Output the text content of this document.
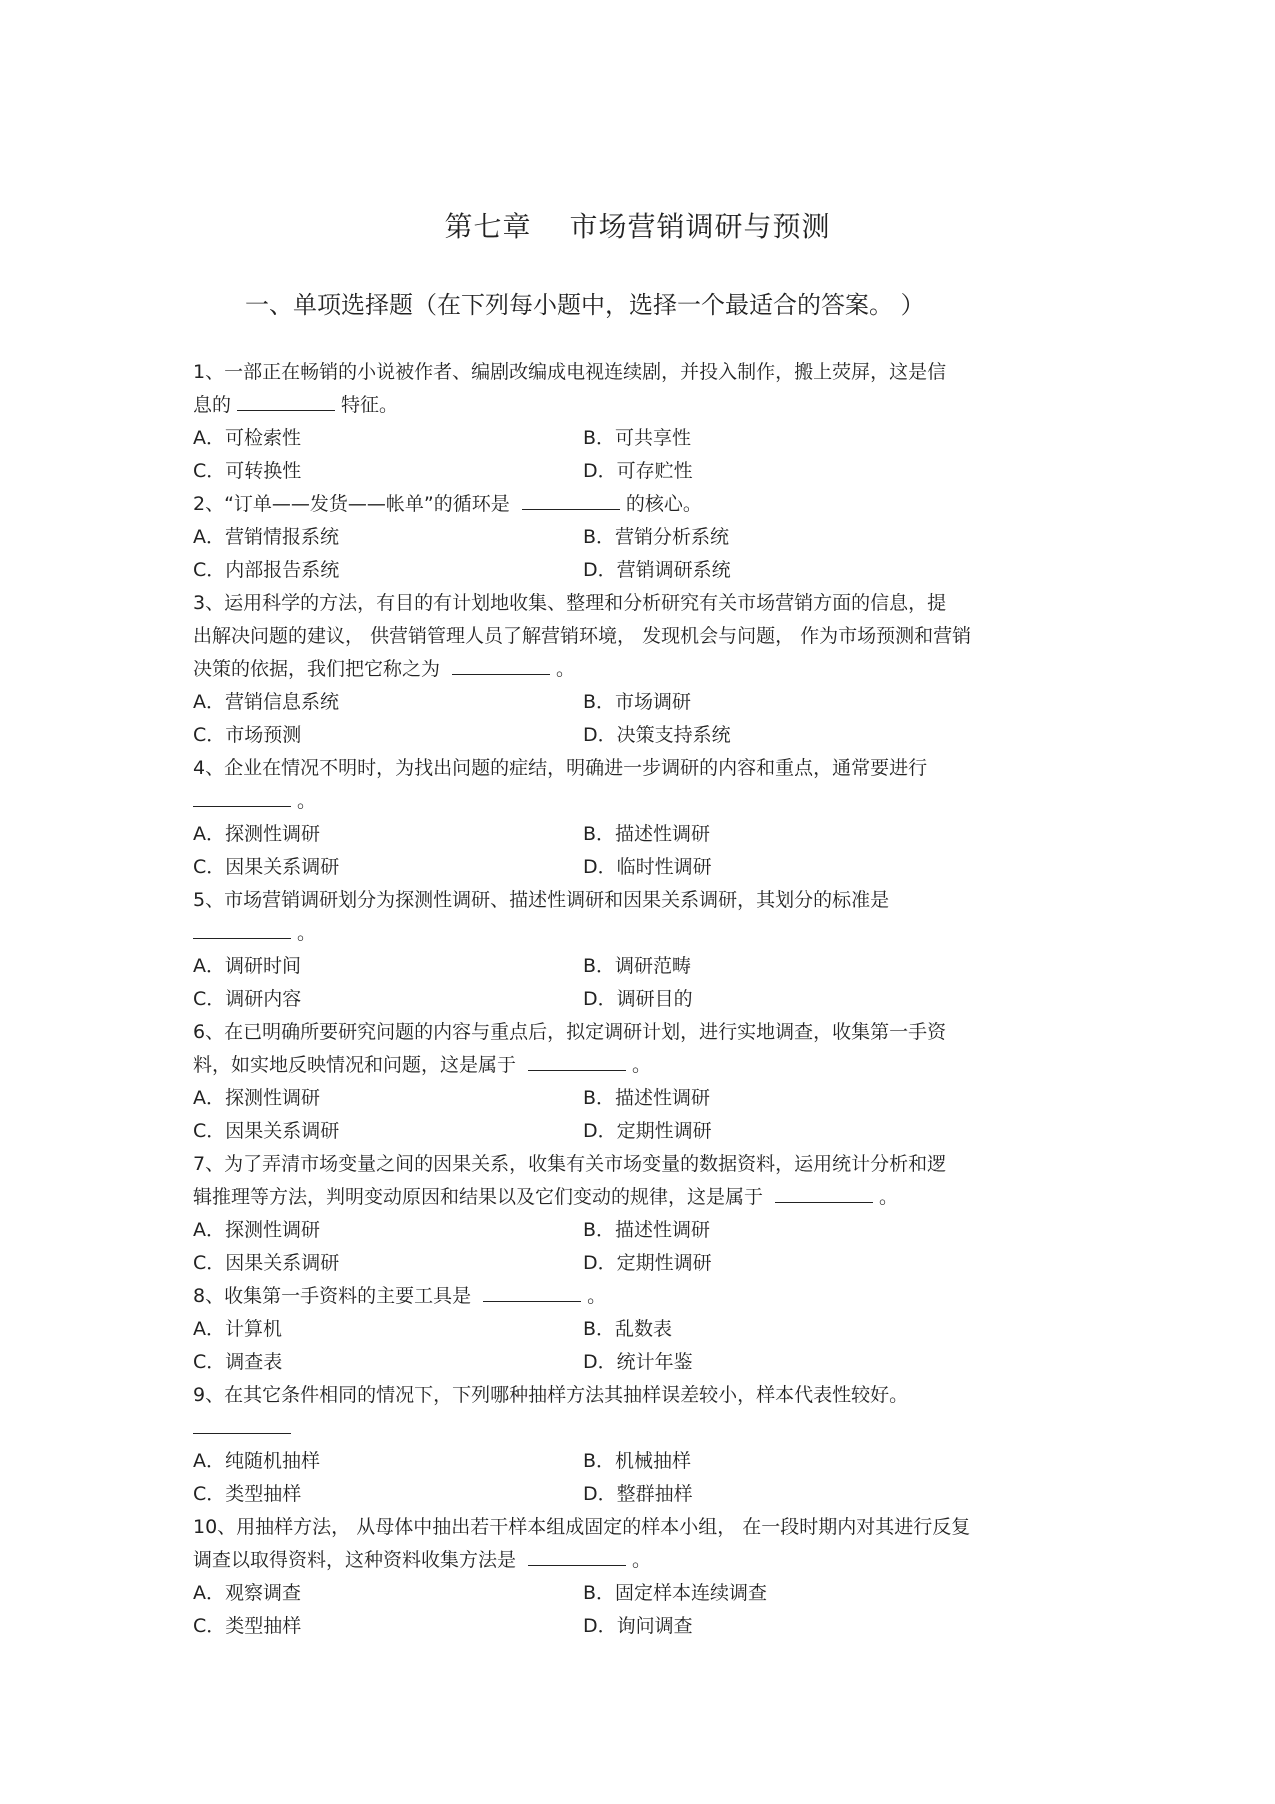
第七章 市场营销调研与预测
一、单项选择题（在下列每小题中，选择一个最适合的答案。 ）
1、一部正在畅销的小说被作者、编剧改编成电视连续剧，并投入制作，搬上荧屏，这是信
息的	特征。
A．可检索性	B．可共享性
C．可转换性	D．可存贮性
2、“订单——发货——帐单”的循环是	的核心。
A．营销情报系统	B．营销分析系统
C．内部报告系统	D．营销调研系统
3、运用科学的方法，有目的有计划地收集、整理和分析研究有关市场营销方面的信息，提
出解决问题的建议， 供营销管理人员了解营销环境， 发现机会与问题， 作为市场预测和营销
决策的依据，我们把它称之为	。
A．营销信息系统	B．市场调研
C．市场预测	D．决策支持系统
4、企业在情况不明时，为找出问题的症结，明确进一步调研的内容和重点，通常要进行
。
A．探测性调研	B．描述性调研
C．因果关系调研	D．临时性调研
5、市场营销调研划分为探测性调研、描述性调研和因果关系调研，其划分的标准是
。
A．调研时间	B．调研范畴
C．调研内容	D．调研目的
6、在已明确所要研究问题的内容与重点后，拟定调研计划，进行实地调查，收集第一手资
料，如实地反映情况和问题，这是属于	。
A．探测性调研	B．描述性调研
C．因果关系调研	D．定期性调研
7、为了弄清市场变量之间的因果关系，收集有关市场变量的数据资料，运用统计分析和逻
辑推理等方法，判明变动原因和结果以及它们变动的规律，这是属于	。
A．探测性调研	B．描述性调研
C．因果关系调研	D．定期性调研
8、收集第一手资料的主要工具是	。
A．计算机	B．乱数表
C．调查表	D．统计年鉴
9、在其它条件相同的情况下，下列哪种抽样方法其抽样误差较小，样本代表性较好。
A．纯随机抽样	B．机械抽样
C．类型抽样	D．整群抽样
10、用抽样方法， 从母体中抽出若干样本组成固定的样本小组， 在一段时期内对其进行反复
调查以取得资料，这种资料收集方法是	。
A．观察调查	B．固定样本连续调查
C．类型抽样	D．询问调查
